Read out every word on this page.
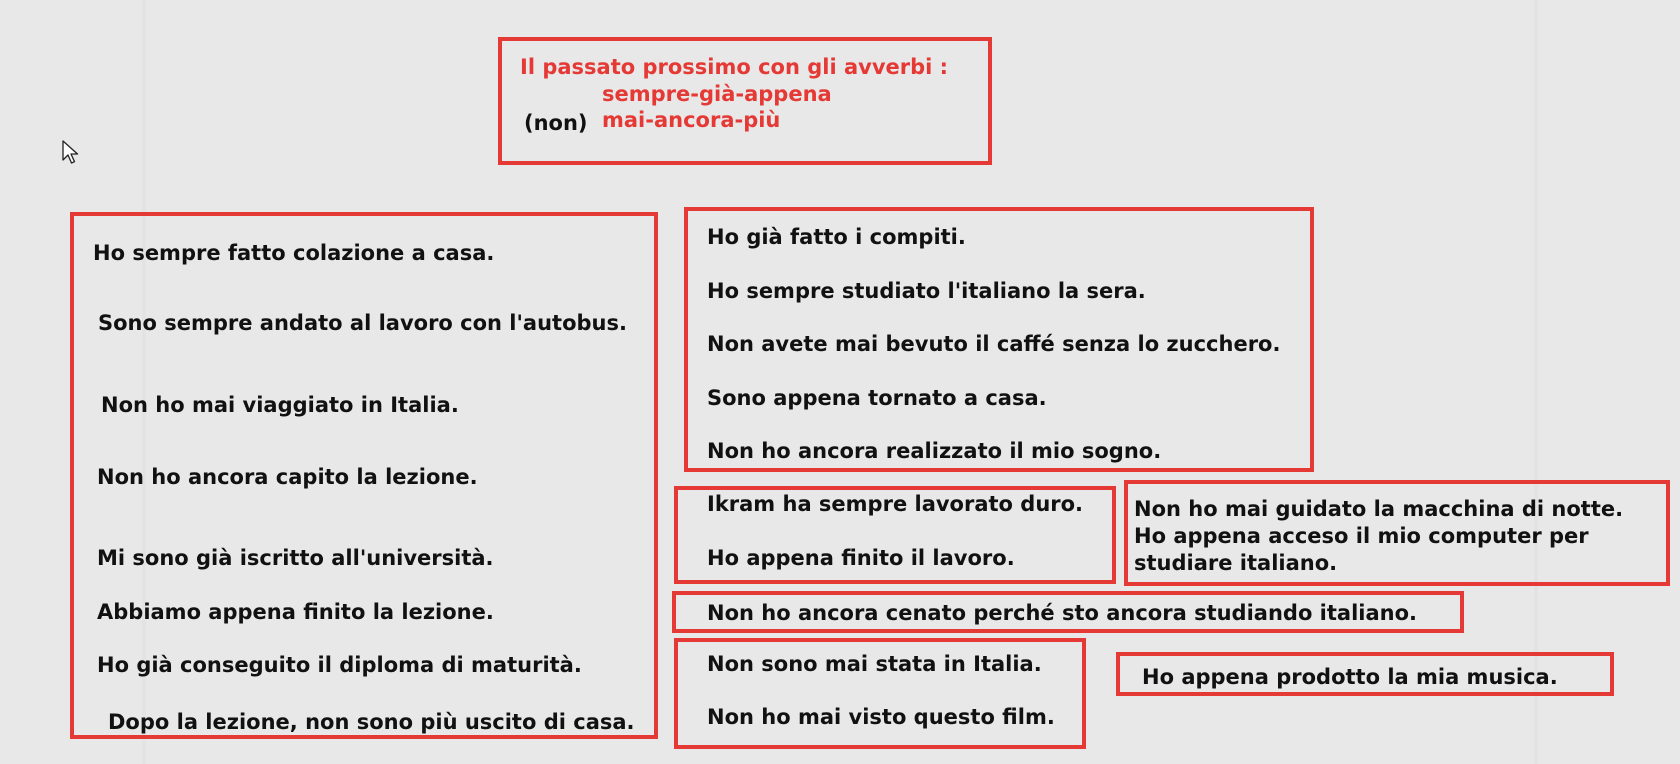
Il passato prossimo con gli avverbi :
sempre-già-appena
(non) mai-ancora-più
Ho sempre fatto colazione a casa.
Sono sempre andato al lavoro con l'autobus.
Non ho mai viaggiato in Italia.
Non ho ancora capito la lezione.
Mi sono già iscritto all'università.
Abbiamo appena finito la lezione.
Ho già conseguito il diploma di maturità.
Dopo la lezione, non sono più uscito di casa.
Ho già fatto i compiti.
Ho sempre studiato l'italiano la sera.
Non avete mai bevuto il caffé senza lo zucchero.
Sono appena tornato a casa.
Non ho ancora realizzato il mio sogno.
Ikram ha sempre lavorato duro.
Ho appena finito il lavoro.
Non ho mai guidato la macchina di notte.
Ho appena acceso il mio computer per
studiare italiano.
Non ho ancora cenato perché sto ancora studiando italiano.
Non sono mai stata in Italia.
Non ho mai visto questo film.
Ho appena prodotto la mia musica.
